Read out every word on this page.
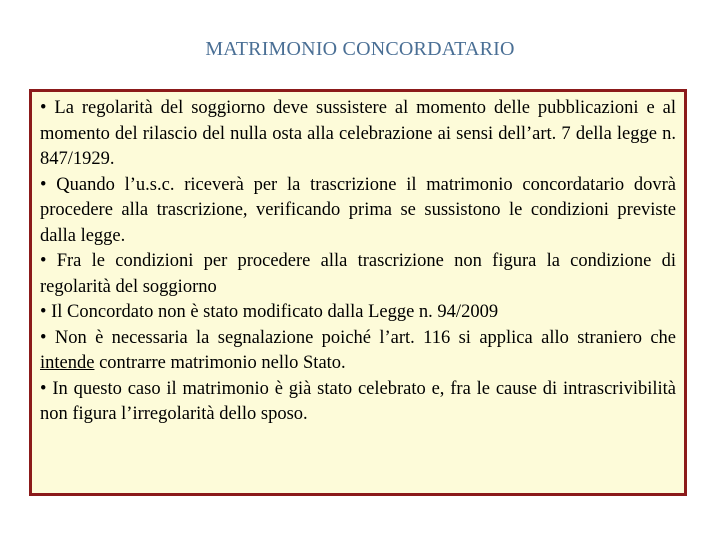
MATRIMONIO CONCORDATARIO

• La regolarità del soggiorno deve sussistere al momento delle pubblicazioni e al momento del rilascio del nulla osta alla celebrazione ai sensi dell’art. 7 della legge n. 847/1929.

• Quando l’u.s.c. riceverà per la trascrizione il matrimonio concordatario dovrà procedere alla trascrizione, verificando prima se sussistono le condizioni previste dalla legge.

• Fra le condizioni per procedere alla trascrizione non figura la condizione di regolarità del soggiorno

• Il Concordato non è stato modificato dalla Legge n. 94/2009

• Non è necessaria la segnalazione poiché l’art. 116 si applica allo straniero che intende contrarre matrimonio nello Stato.

• In questo caso il matrimonio è già stato celebrato e, fra le cause di intrascrivibilità non figura l’irregolarità dello sposo.
